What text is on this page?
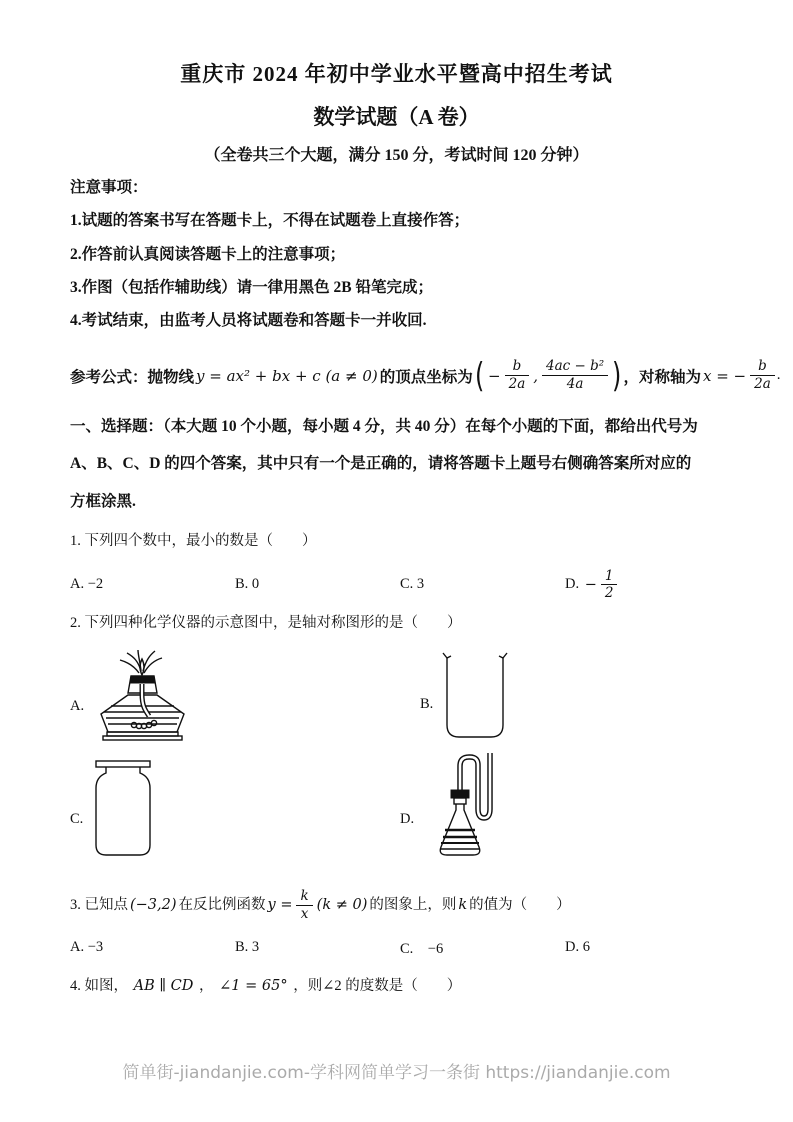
重庆市 2024 年初中学业水平暨高中招生考试
数学试题（A 卷）
（全卷共三个大题，满分 150 分，考试时间 120 分钟）
注意事项：
1.试题的答案书写在答题卡上，不得在试题卷上直接作答；
2.作答前认真阅读答题卡上的注意事项；
3.作图（包括作辅助线）请一律用黑色 2B 铅笔完成；
4.考试结束，由监考人员将试题卷和答题卡一并收回.
参考公式：抛物线 y = ax² + bx + c (a ≠ 0) 的顶点坐标为 ( − $\frac{b}{2a}$ , $\frac{\text{4ac − b²}}{4a}$ ) ，对称轴为 x = − $\frac{b}{2a}$ .
一、选择题：（本大题 10 个小题，每小题 4 分，共 40 分）在每个小题的下面，都给出代号为
A、B、C、D 的四个答案，其中只有一个是正确的，请将答题卡上题号右侧确答案所对应的
方框涂黑.
1. 下列四个数中，最小的数是（　　）
A. −2	B. 0	C. 3	D.
− $\frac{1}{2}$
2. 下列四种化学仪器的示意图中，是轴对称图形的是（　　）
A.	B.
C.	D.
3. 已知点 (−3,2) 在反比例函数 $y = \frac{k}{x} (k \ne 0)$ 的图象上，则 k 的值为（　　）
A. −3	B. 3	C.　−6	D. 6
4. 如图， AB ∥ CD ， ∠1 = 65° ，则∠2 的度数是（　　）
简单街-jiandanjie.com-学科网简单学习一条街 https://jiandanjie.com
